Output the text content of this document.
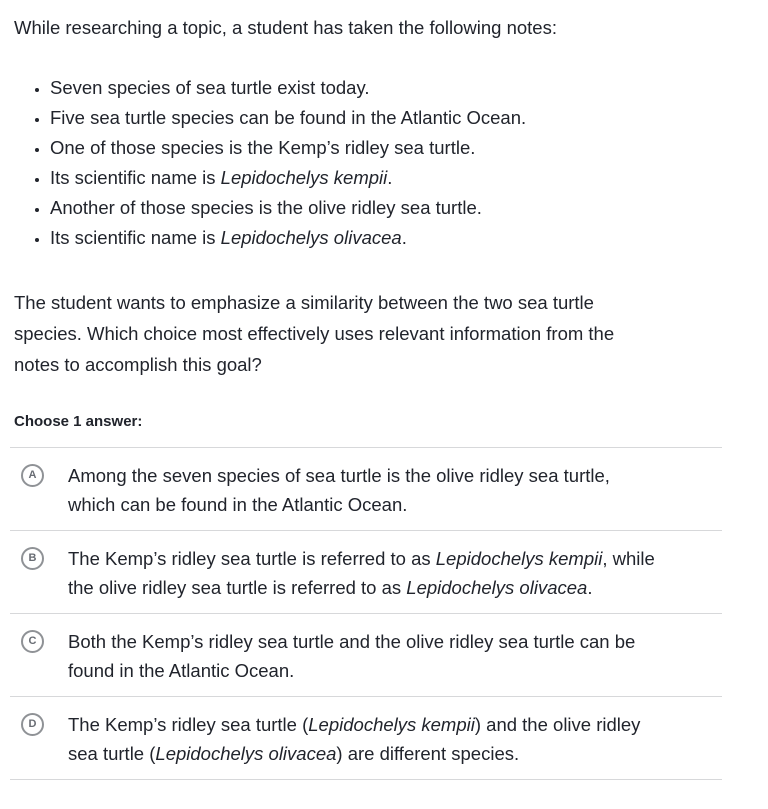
While researching a topic, a student has taken the following notes:

• Seven species of sea turtle exist today.
• Five sea turtle species can be found in the Atlantic Ocean.
• One of those species is the Kemp’s ridley sea turtle.
• Its scientific name is Lepidochelys kempii.
• Another of those species is the olive ridley sea turtle.
• Its scientific name is Lepidochelys olivacea.

The student wants to emphasize a similarity between the two sea turtle
species. Which choice most effectively uses relevant information from the
notes to accomplish this goal?

Choose 1 answer:
A Among the seven species of sea turtle is the olive ridley sea turtle,
which can be found in the Atlantic Ocean.
B The Kemp’s ridley sea turtle is referred to as Lepidochelys kempii, while
the olive ridley sea turtle is referred to as Lepidochelys olivacea.
C Both the Kemp’s ridley sea turtle and the olive ridley sea turtle can be
found in the Atlantic Ocean.
D The Kemp’s ridley sea turtle (Lepidochelys kempii) and the olive ridley
sea turtle (Lepidochelys olivacea) are different species.
